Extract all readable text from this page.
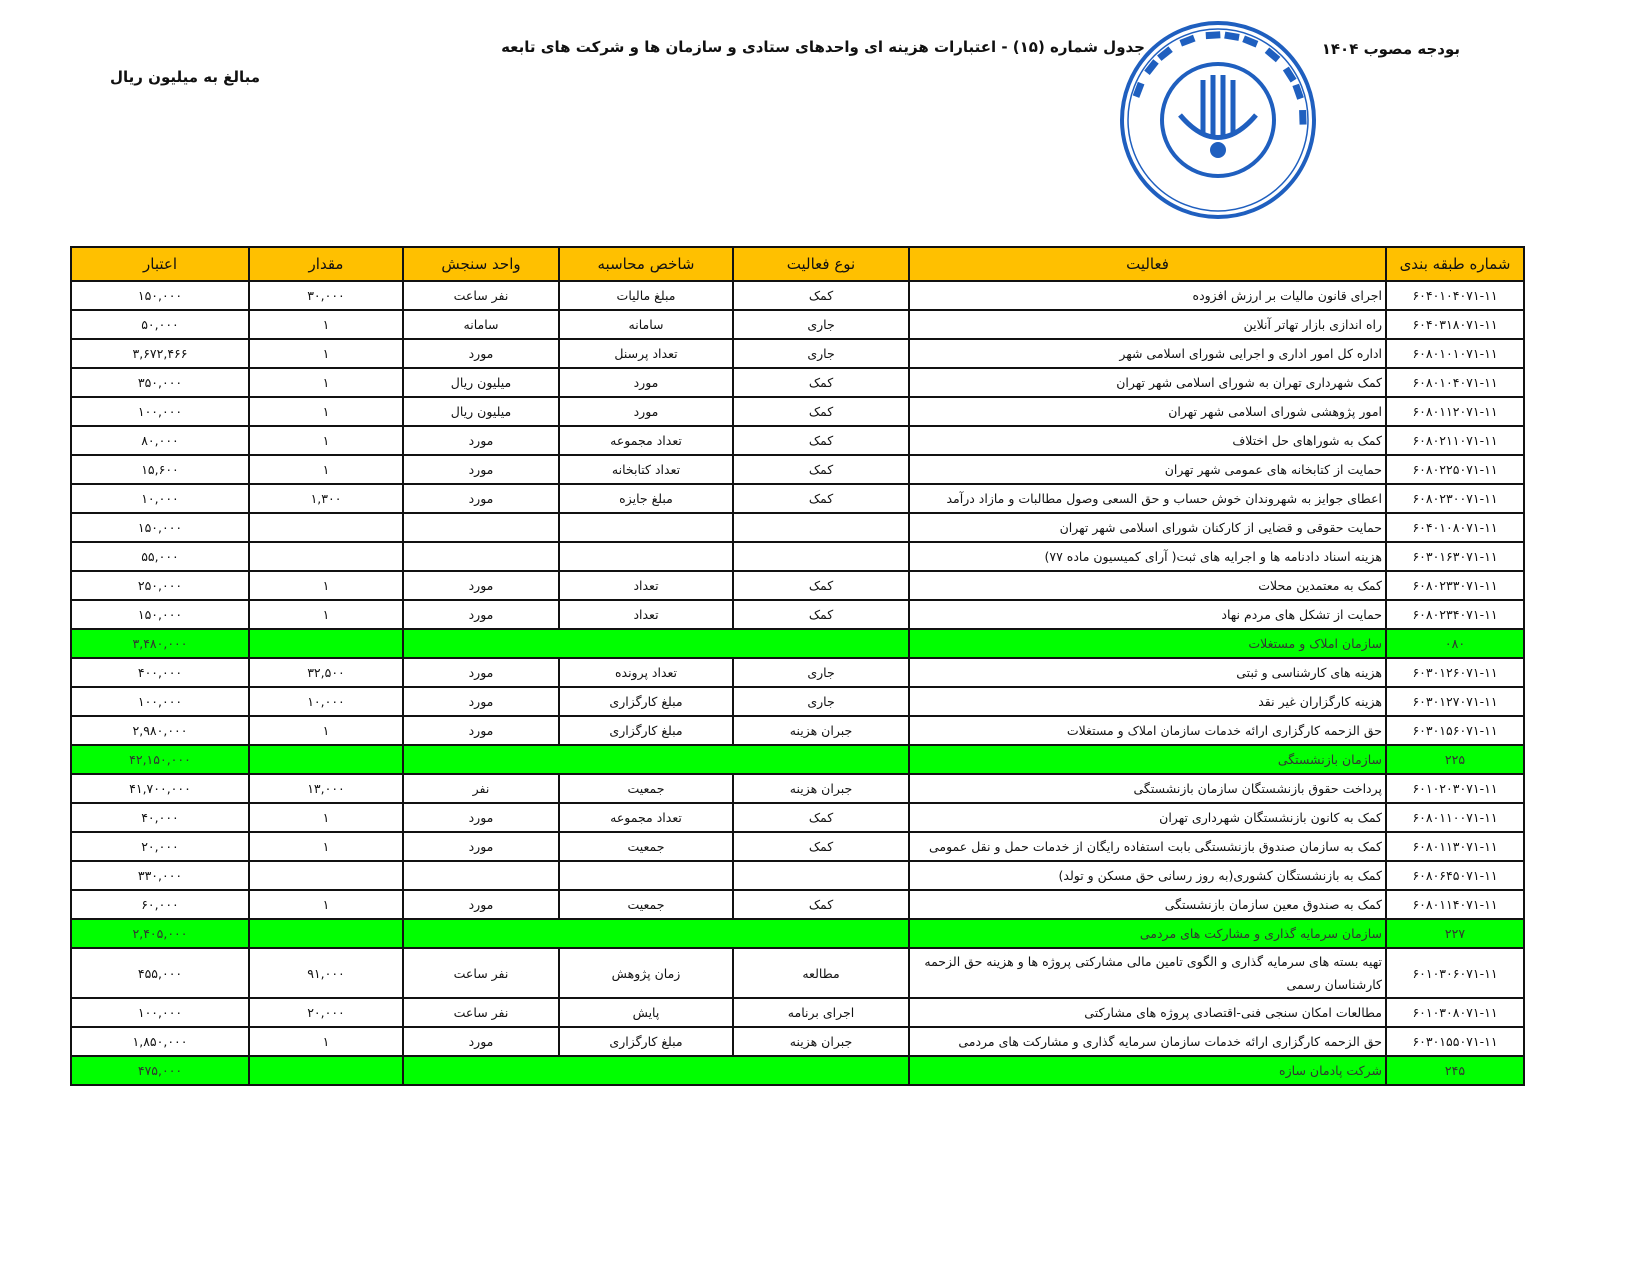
بودجه مصوب ۱۴۰۴
جدول شماره (۱۵) - اعتبارات هزینه ای واحدهای ستادی و سازمان ها و شرکت های تابعه
مبالغ به میلیون ریال
▬ ▬▬ ▬ ▬▬▬ ▬ ▬▬ ▬
شماره طبقه بندی	فعالیت	نوع فعالیت	شاخص محاسبه	واحد سنجش	مقدار	اعتبار
۶۰۴۰۱۰۴۰۷۱-۱۱	اجرای قانون مالیات بر ارزش افزوده	کمک	مبلغ مالیات	نفر ساعت	۳۰,۰۰۰	۱۵۰,۰۰۰
۶۰۴۰۳۱۸۰۷۱-۱۱	راه اندازی بازار تهاتر آنلاین	جاری	سامانه	سامانه	۱	۵۰,۰۰۰
۶۰۸۰۱۰۱۰۷۱-۱۱	اداره کل امور اداری و اجرایی شورای اسلامی شهر	جاری	تعداد پرسنل	مورد	۱	۳,۶۷۲,۴۶۶
۶۰۸۰۱۰۴۰۷۱-۱۱	کمک شهرداری تهران به شورای اسلامی شهر تهران	کمک	مورد	میلیون ریال	۱	۳۵۰,۰۰۰
۶۰۸۰۱۱۲۰۷۱-۱۱	امور پژوهشی شورای اسلامی شهر تهران	کمک	مورد	میلیون ریال	۱	۱۰۰,۰۰۰
۶۰۸۰۲۱۱۰۷۱-۱۱	کمک به شوراهای حل اختلاف	کمک	تعداد مجموعه	مورد	۱	۸۰,۰۰۰
۶۰۸۰۲۲۵۰۷۱-۱۱	حمایت از کتابخانه های عمومی شهر تهران	کمک	تعداد کتابخانه	مورد	۱	۱۵,۶۰۰
۶۰۸۰۲۳۰۰۷۱-۱۱	اعطای جوایز به شهروندان خوش حساب و حق السعی وصول مطالبات و مازاد درآمد	کمک	مبلغ جایزه	مورد	۱,۳۰۰	۱۰,۰۰۰
۶۰۴۰۱۰۸۰۷۱-۱۱	حمایت حقوقی و قضایی از کارکنان شورای اسلامی شهر تهران					۱۵۰,۰۰۰
۶۰۳۰۱۶۳۰۷۱-۱۱	هزینه اسناد دادنامه ها و اجرایه های ثبت( آرای کمیسیون ماده ۷۷)					۵۵,۰۰۰
۶۰۸۰۲۳۳۰۷۱-۱۱	کمک به معتمدین محلات	کمک	تعداد	مورد	۱	۲۵۰,۰۰۰
۶۰۸۰۲۳۴۰۷۱-۱۱	حمایت از تشکل های مردم نهاد	کمک	تعداد	مورد	۱	۱۵۰,۰۰۰
۰۸۰	سازمان املاک و مستغلات					۳,۴۸۰,۰۰۰
۶۰۳۰۱۲۶۰۷۱-۱۱	هزینه های کارشناسی و ثبتی	جاری	تعداد پرونده	مورد	۳۲,۵۰۰	۴۰۰,۰۰۰
۶۰۳۰۱۲۷۰۷۱-۱۱	هزینه کارگزاران غیر نقد	جاری	مبلغ کارگزاری	مورد	۱۰,۰۰۰	۱۰۰,۰۰۰
۶۰۳۰۱۵۶۰۷۱-۱۱	حق الزحمه کارگزاری ارائه خدمات سازمان املاک و مستغلات	جبران هزینه	مبلغ کارگزاری	مورد	۱	۲,۹۸۰,۰۰۰
۲۲۵	سازمان بازنشستگی					۴۲,۱۵۰,۰۰۰
۶۰۱۰۲۰۳۰۷۱-۱۱	پرداخت حقوق بازنشستگان سازمان بازنشستگی	جبران هزینه	جمعیت	نفر	۱۳,۰۰۰	۴۱,۷۰۰,۰۰۰
۶۰۸۰۱۱۰۰۷۱-۱۱	کمک به کانون بازنشستگان شهرداری تهران	کمک	تعداد مجموعه	مورد	۱	۴۰,۰۰۰
۶۰۸۰۱۱۳۰۷۱-۱۱	کمک به سازمان صندوق بازنشستگی بابت استفاده رایگان از خدمات حمل و نقل عمومی	کمک	جمعیت	مورد	۱	۲۰,۰۰۰
۶۰۸۰۶۴۵۰۷۱-۱۱	کمک به بازنشستگان کشوری(به روز رسانی حق مسکن و تولد)					۳۳۰,۰۰۰
۶۰۸۰۱۱۴۰۷۱-۱۱	کمک به صندوق معین سازمان بازنشستگی	کمک	جمعیت	مورد	۱	۶۰,۰۰۰
۲۲۷	سازمان سرمایه گذاری و مشارکت های مردمی					۲,۴۰۵,۰۰۰
۶۰۱۰۳۰۶۰۷۱-۱۱	تهیه بسته های سرمایه گذاری و الگوی تامین مالی مشارکتی پروژه ها و هزینه حق الزحمه کارشناسان رسمی	مطالعه	زمان پژوهش	نفر ساعت	۹۱,۰۰۰	۴۵۵,۰۰۰
۶۰۱۰۳۰۸۰۷۱-۱۱	مطالعات امکان سنجی فنی-اقتصادی پروژه های مشارکتی	اجرای برنامه	پایش	نفر ساعت	۲۰,۰۰۰	۱۰۰,۰۰۰
۶۰۳۰۱۵۵۰۷۱-۱۱	حق الزحمه کارگزاری ارائه خدمات سازمان سرمایه گذاری و مشارکت های مردمی	جبران هزینه	مبلغ کارگزاری	مورد	۱	۱,۸۵۰,۰۰۰
۲۴۵	شرکت پادمان سازه					۴۷۵,۰۰۰
